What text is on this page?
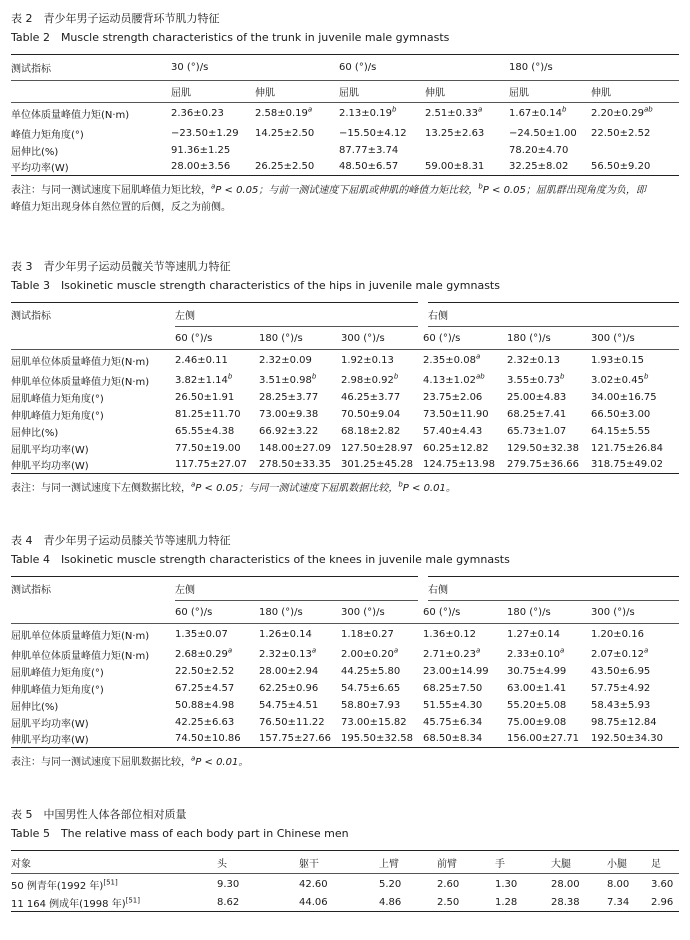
表 2　青少年男子运动员腰背环节肌力特征
Table 2　Muscle strength characteristics of the trunk in juvenile male gymnasts
测试指标	30 (°)/s		60 (°)/s		180 (°)/s	
	屈肌	伸肌	屈肌	伸肌	屈肌	伸肌
单位体质量峰值力矩(N·m)	2.36±0.23	2.58±0.19$^a$	2.13±0.19$^b$	2.51±0.33$^a$	1.67±0.14$^b$	2.20±0.29$^{ab}$
峰值力矩角度(°)	−23.50±1.29	14.25±2.50	−15.50±4.12	13.25±2.63	−24.50±1.00	22.50±2.52
屈伸比(%)	91.36±1.25		87.77±3.74		78.20±4.70	
平均功率(W)	28.00±3.56	26.25±2.50	48.50±6.57	59.00±8.31	32.25±8.02	56.50±9.20
表注：与同一测试速度下屈肌峰值力矩比较，$^a$P < 0.05；与前一测试速度下屈肌或伸肌的峰值力矩比较，$^b$P < 0.05；屈肌群出现角度为负，即
峰值力矩出现身体自然位置的后侧，反之为前侧。
表 3　青少年男子运动员髋关节等速肌力特征
Table 3　Isokinetic muscle strength characteristics of the hips in juvenile male gymnasts
测试指标	左侧			右侧		
	60 (°)/s	180 (°)/s	300 (°)/s	60 (°)/s	180 (°)/s	300 (°)/s
屈肌单位体质量峰值力矩(N·m)	2.46±0.11	2.32±0.09	1.92±0.13	2.35±0.08$^a$	2.32±0.13	1.93±0.15
伸肌单位体质量峰值力矩(N·m)	3.82±1.14$^b$	3.51±0.98$^b$	2.98±0.92$^b$	4.13±1.02$^{ab}$	3.55±0.73$^b$	3.02±0.45$^b$
屈肌峰值力矩角度(°)	26.50±1.91	28.25±3.77	46.25±3.77	23.75±2.06	25.00±4.83	34.00±16.75
伸肌峰值力矩角度(°)	81.25±11.70	73.00±9.38	70.50±9.04	73.50±11.90	68.25±7.41	66.50±3.00
屈伸比(%)	65.55±4.38	66.92±3.22	68.18±2.82	57.40±4.43	65.73±1.07	64.15±5.55
屈肌平均功率(W)	77.50±19.00	148.00±27.09	127.50±28.97	60.25±12.82	129.50±32.38	121.75±26.84
伸肌平均功率(W)	117.75±27.07	278.50±33.35	301.25±45.28	124.75±13.98	279.75±36.66	318.75±49.02
表注：与同一测试速度下左侧数据比较，$^a$P < 0.05；与同一测试速度下屈肌数据比较，$^b$P < 0.01。
表 4　青少年男子运动员膝关节等速肌力特征
Table 4　Isokinetic muscle strength characteristics of the knees in juvenile male gymnasts
测试指标	左侧			右侧		
	60 (°)/s	180 (°)/s	300 (°)/s	60 (°)/s	180 (°)/s	300 (°)/s
屈肌单位体质量峰值力矩(N·m)	1.35±0.07	1.26±0.14	1.18±0.27	1.36±0.12	1.27±0.14	1.20±0.16
伸肌单位体质量峰值力矩(N·m)	2.68±0.29$^a$	2.32±0.13$^a$	2.00±0.20$^a$	2.71±0.23$^a$	2.33±0.10$^a$	2.07±0.12$^a$
屈肌峰值力矩角度(°)	22.50±2.52	28.00±2.94	44.25±5.80	23.00±14.99	30.75±4.99	43.50±6.95
伸肌峰值力矩角度(°)	67.25±4.57	62.25±0.96	54.75±6.65	68.25±7.50	63.00±1.41	57.75±4.92
屈伸比(%)	50.88±4.98	54.75±4.51	58.80±7.93	51.55±4.30	55.20±5.08	58.43±5.93
屈肌平均功率(W)	42.25±6.63	76.50±11.22	73.00±15.82	45.75±6.34	75.00±9.08	98.75±12.84
伸肌平均功率(W)	74.50±10.86	157.75±27.66	195.50±32.58	68.50±8.34	156.00±27.71	192.50±34.30
表注：与同一测试速度下屈肌数据比较，$^a$P < 0.01。
表 5　中国男性人体各部位相对质量
Table 5　The relative mass of each body part in Chinese men
对象	头	躯干	上臂	前臂	手	大腿	小腿	足
50 例青年(1992 年)[51]	9.30	42.60	5.20	2.60	1.30	28.00	8.00	3.60
11 164 例成年(1998 年)[51]	8.62	44.06	4.86	2.50	1.28	28.38	7.34	2.96
